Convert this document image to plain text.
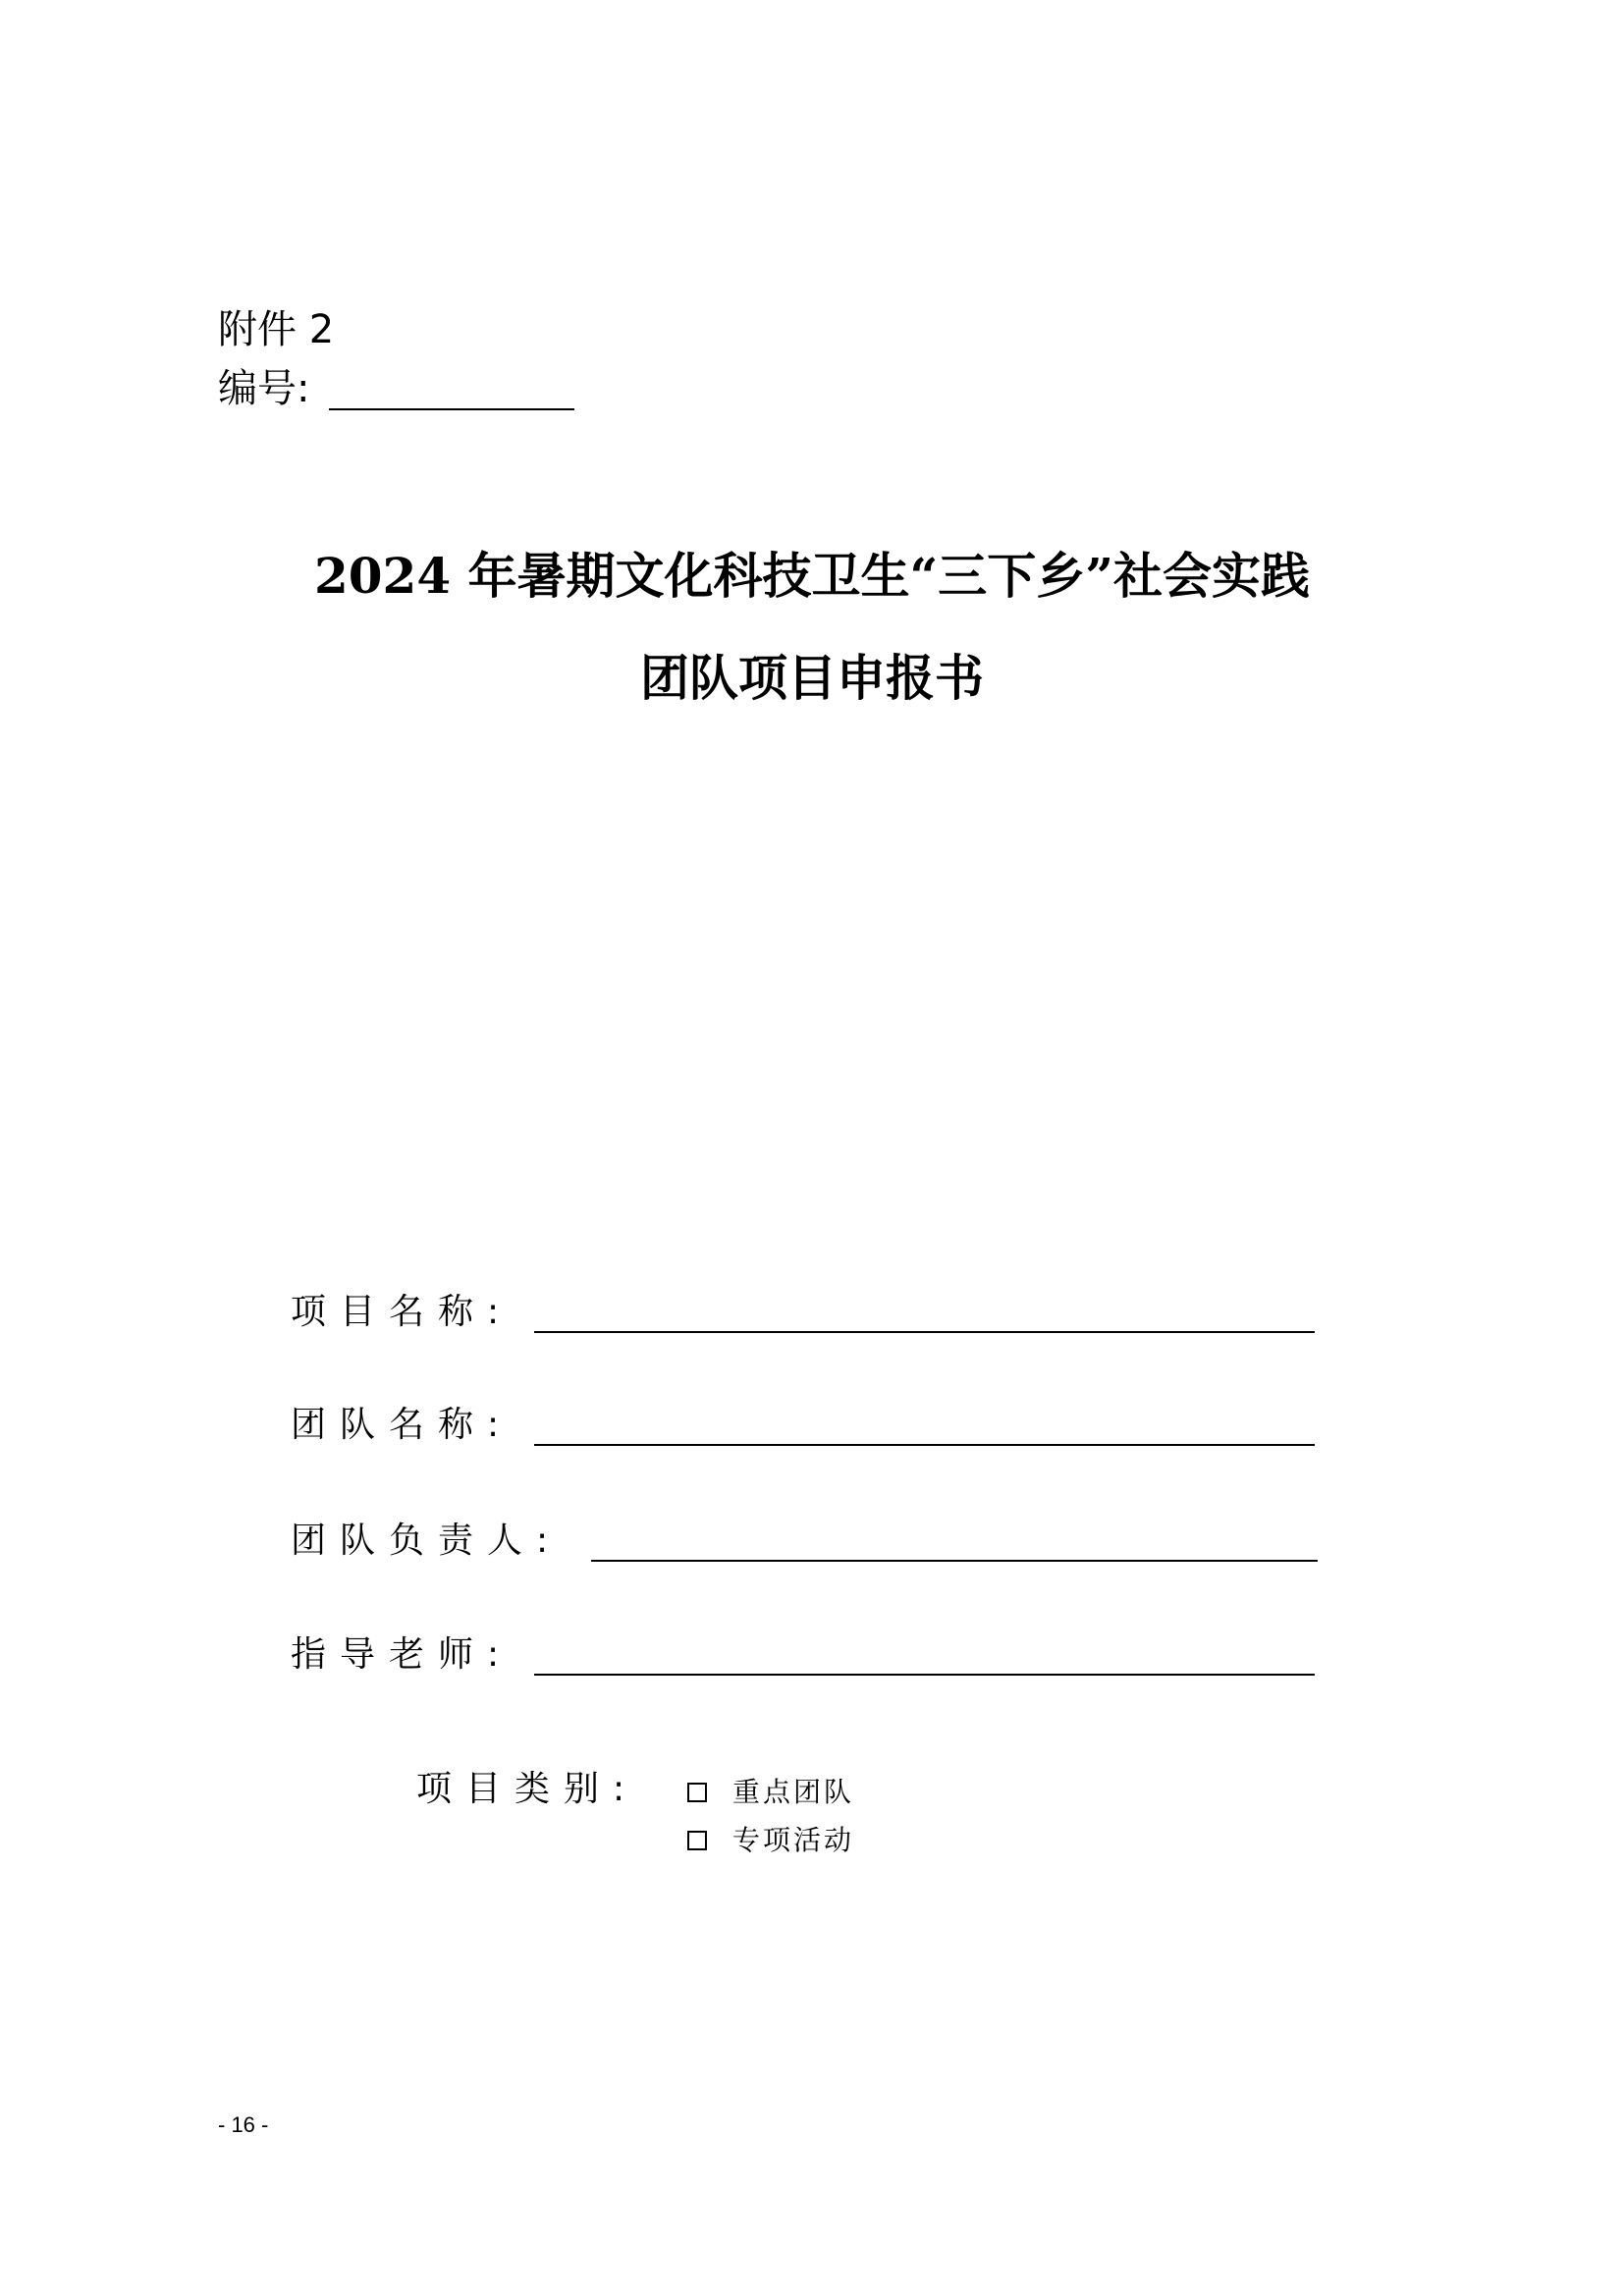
附件 2
编号:
2024 年暑期文化科技卫生“三下乡”社会实践
团队项目申报书
项目名称:
团队名称:
团队负责人:
指导老师:
项目类别:	重点团队
专项活动
- 16 -
